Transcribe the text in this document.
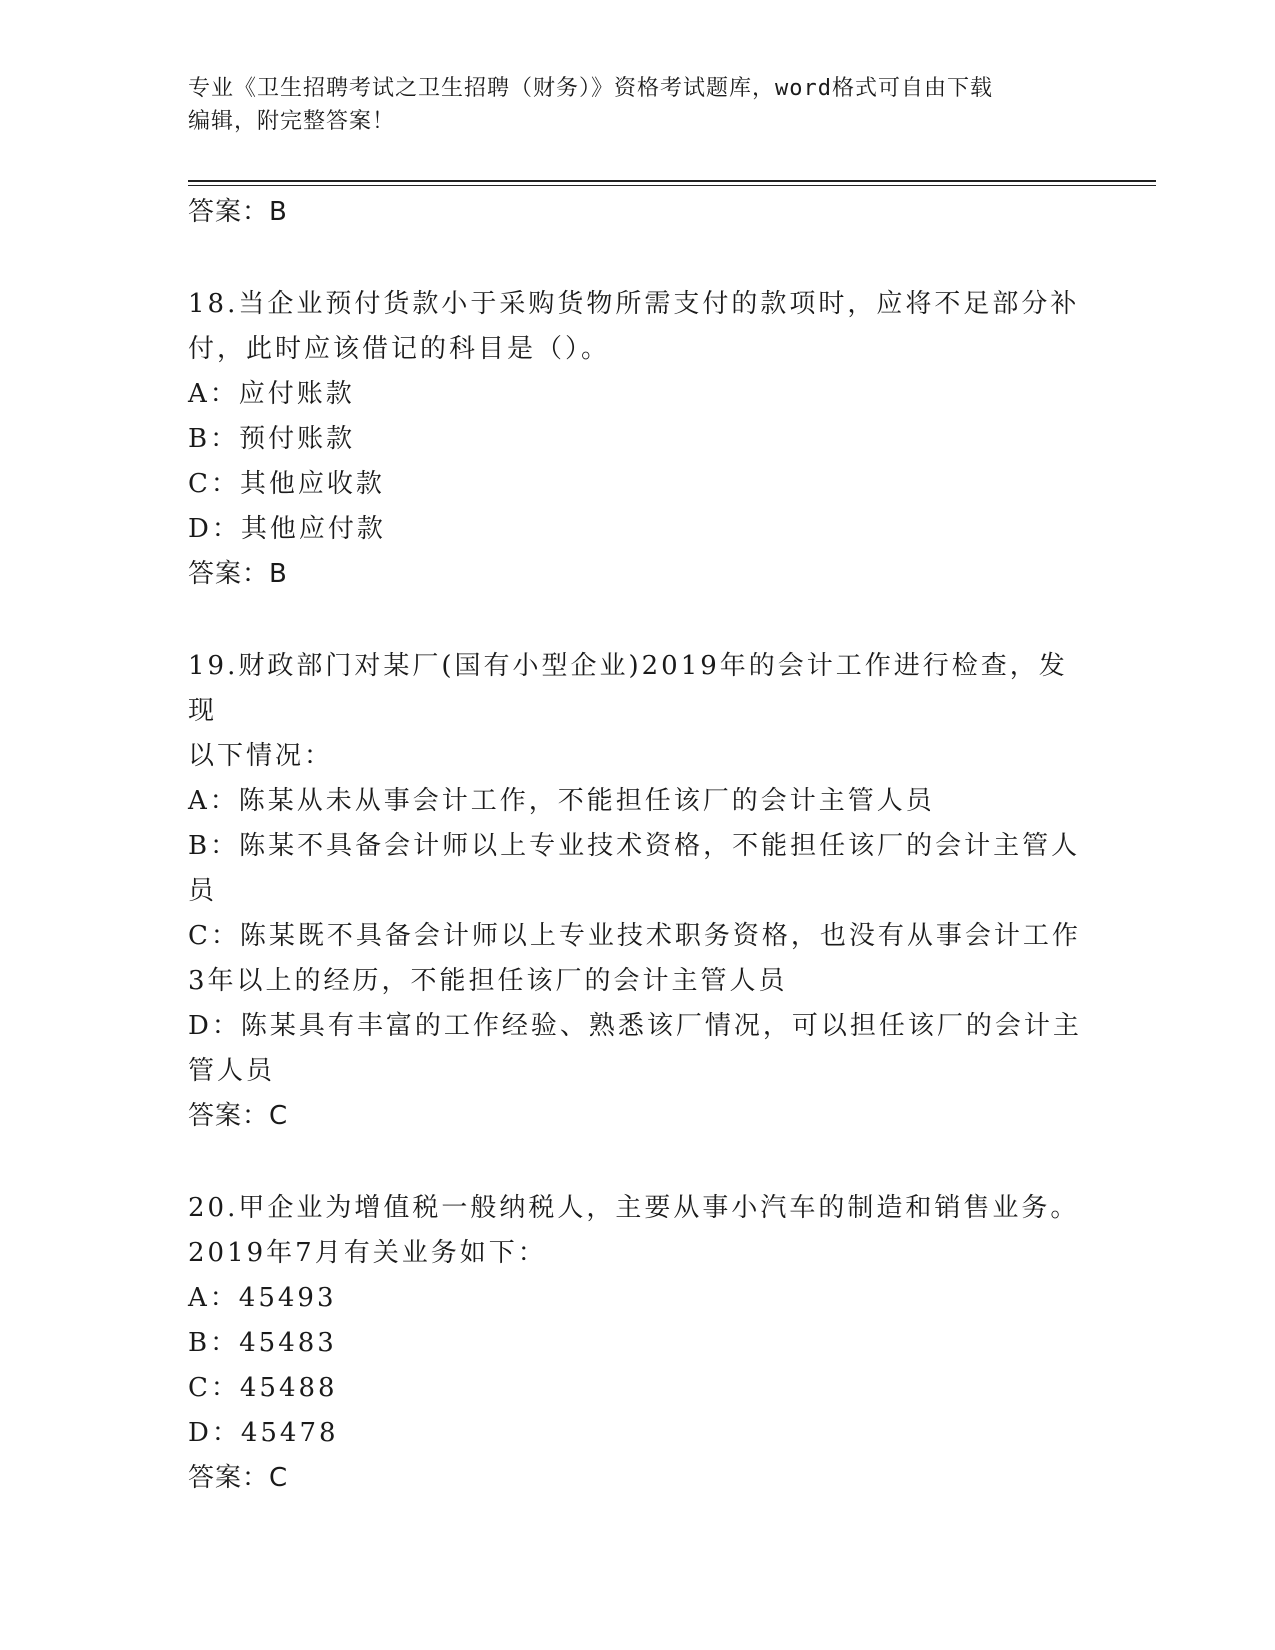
专业《卫生招聘考试之卫生招聘（财务）》资格考试题库，word格式可自由下载
编辑，附完整答案！
答案：B

18.当企业预付货款小于采购货物所需支付的款项时，应将不足部分补

付，此时应该借记的科目是（）。

A：应付账款

B：预付账款

C：其他应收款

D：其他应付款

答案：B

19.财政部门对某厂(国有小型企业)2019年的会计工作进行检查，发现

以下情况：

A：陈某从未从事会计工作，不能担任该厂的会计主管人员

B：陈某不具备会计师以上专业技术资格，不能担任该厂的会计主管人

员

C：陈某既不具备会计师以上专业技术职务资格，也没有从事会计工作

3年以上的经历，不能担任该厂的会计主管人员

D：陈某具有丰富的工作经验、熟悉该厂情况，可以担任该厂的会计主

管人员

答案：C

20.甲企业为增值税一般纳税人，主要从事小汽车的制造和销售业务。

2019年7月有关业务如下：

A：45493

B：45483

C：45488

D：45478

答案：C
